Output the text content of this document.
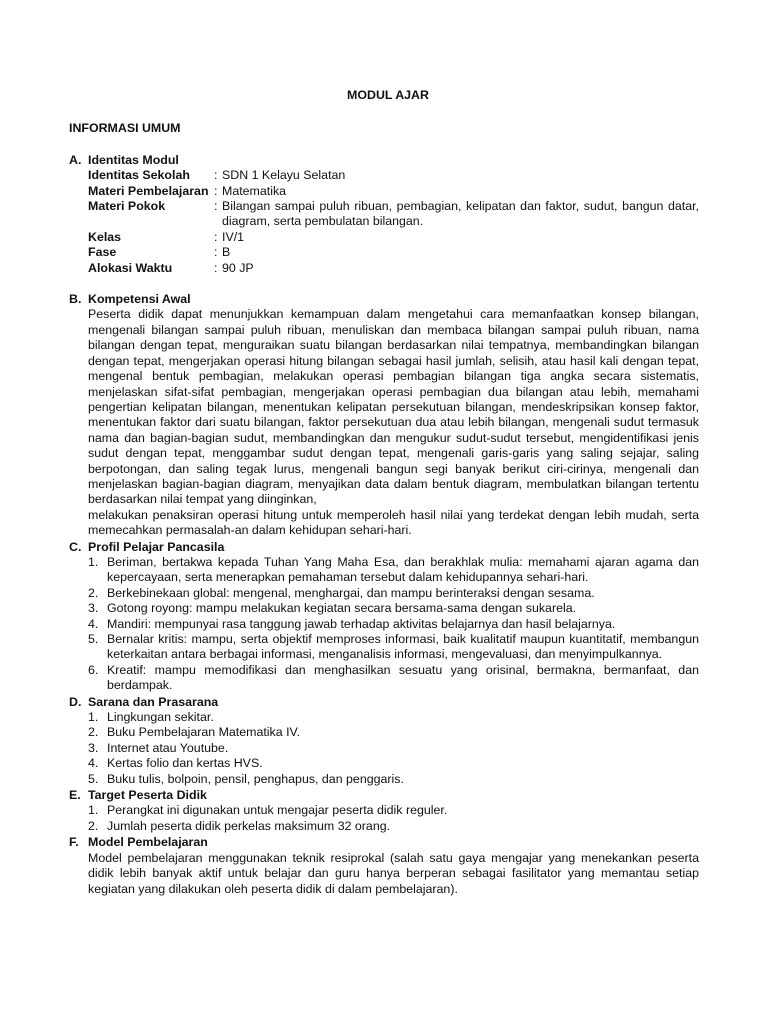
MODUL AJAR
INFORMASI UMUM
A. Identitas Modul
Identitas Sekolah	: SDN 1 Kelayu Selatan
Materi Pembelajaran : Matematika
Materi Pokok	: Bilangan sampai puluh ribuan, pembagian, kelipatan dan faktor, sudut, bangun datar, diagram, serta pembulatan bilangan.
Kelas	: IV/1
Fase	: B
Alokasi Waktu	: 90 JP
B. Kompetensi Awal
Peserta didik dapat menunjukkan kemampuan dalam mengetahui cara memanfaatkan konsep bilangan, mengenali bilangan sampai puluh ribuan, menuliskan dan membaca bilangan sampai puluh ribuan, nama bilangan dengan tepat, menguraikan suatu bilangan berdasarkan nilai tempatnya, membandingkan bilangan dengan tepat, mengerjakan operasi hitung bilangan sebagai hasil jumlah, selisih, atau hasil kali dengan tepat, mengenal bentuk pembagian, melakukan operasi pembagian bilangan tiga angka secara sistematis, menjelaskan sifat-sifat pembagian, mengerjakan operasi pembagian dua bilangan atau lebih, memahami pengertian kelipatan bilangan, menentukan kelipatan persekutuan bilangan, mendeskripsikan konsep faktor, menentukan faktor dari suatu bilangan, faktor persekutuan dua atau lebih bilangan, mengenali sudut termasuk nama dan bagian-bagian sudut, membandingkan dan mengukur sudut-sudut tersebut, mengidentifikasi jenis sudut dengan tepat, menggambar sudut dengan tepat, mengenali garis-garis yang saling sejajar, saling berpotongan, dan saling tegak lurus, mengenali bangun segi banyak berikut ciri-cirinya, mengenali dan menjelaskan bagian-bagian diagram, menyajikan data dalam bentuk diagram, membulatkan bilangan tertentu berdasarkan nilai tempat yang diinginkan,
melakukan penaksiran operasi hitung untuk memperoleh hasil nilai yang terdekat dengan lebih mudah, serta memecahkan permasalah-an dalam kehidupan sehari-hari.
C. Profil Pelajar Pancasila
1. Beriman, bertakwa kepada Tuhan Yang Maha Esa, dan berakhlak mulia: memahami ajaran agama dan kepercayaan, serta menerapkan pemahaman tersebut dalam kehidupannya sehari-hari.
2. Berkebinekaan global: mengenal, menghargai, dan mampu berinteraksi dengan sesama.
3. Gotong royong: mampu melakukan kegiatan secara bersama-sama dengan sukarela.
4. Mandiri: mempunyai rasa tanggung jawab terhadap aktivitas belajarnya dan hasil belajarnya.
5. Bernalar kritis: mampu, serta objektif memproses informasi, baik kualitatif maupun kuantitatif, membangun keterkaitan antara berbagai informasi, menganalisis informasi, mengevaluasi, dan menyimpulkannya.
6. Kreatif: mampu memodifikasi dan menghasilkan sesuatu yang orisinal, bermakna, bermanfaat, dan berdampak.
D. Sarana dan Prasarana
1. Lingkungan sekitar.
2. Buku Pembelajaran Matematika IV.
3. Internet atau Youtube.
4. Kertas folio dan kertas HVS.
5. Buku tulis, bolpoin, pensil, penghapus, dan penggaris.
E. Target Peserta Didik
1. Perangkat ini digunakan untuk mengajar peserta didik reguler.
2. Jumlah peserta didik perkelas maksimum 32 orang.
F. Model Pembelajaran
Model pembelajaran menggunakan teknik resiprokal (salah satu gaya mengajar yang menekankan peserta didik lebih banyak aktif untuk belajar dan guru hanya berperan sebagai fasilitator yang memantau setiap kegiatan yang dilakukan oleh peserta didik di dalam pembelajaran).
